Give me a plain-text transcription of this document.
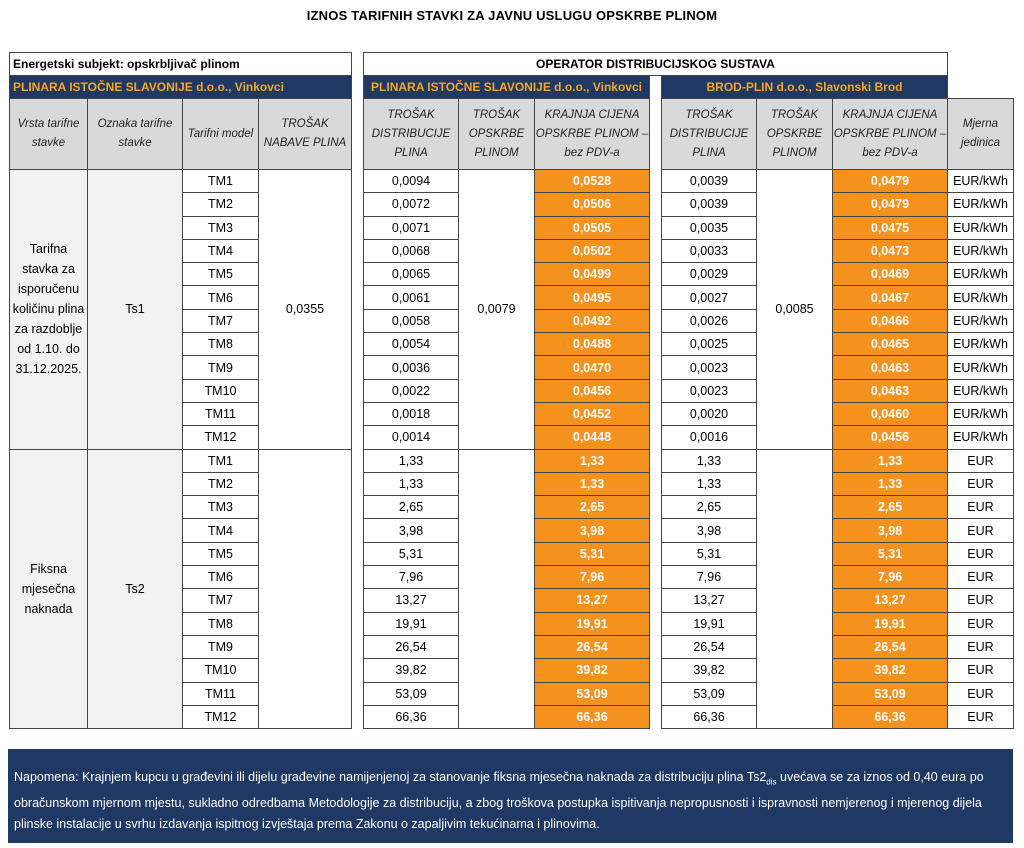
IZNOS TARIFNIH STAVKI ZA JAVNU USLUGU OPSKRBE PLINOM
Energetski subjekt: opskrbljivač plinom					OPERATOR DISTRIBUCIJSKOG SUSTAVA							
PLINARA ISTOČNE SLAVONIJE d.o.o., Vinkovci					PLINARA ISTOČNE SLAVONIJE d.o.o., Vinkovci				BROD-PLIN d.o.o., Slavonski Brod			
Vrsta tarifne stavke	Oznaka tarifne stavke	Tarifni model	TROŠAK NABAVE PLINA		TROŠAK DISTRIBUCIJE PLINA	TROŠAK OPSKRBE PLINOM	KRAJNJA CIJENA OPSKRBE PLINOM – bez PDV-a		TROŠAK DISTRIBUCIJE PLINA	TROŠAK OPSKRBE PLINOM	KRAJNJA CIJENA OPSKRBE PLINOM – bez PDV-a	Mjerna jedinica
Tarifna stavka za isporučenu količinu plina za razdoblje od 1.10. do 31.12.2025.	Ts1	TM1	0,0355		0,0094	0,0079	0,0528		0,0039	0,0085	0,0479	EUR/kWh
		TM2			0,0072		0,0506		0,0039		0,0479	EUR/kWh
		TM3			0,0071		0,0505		0,0035		0,0475	EUR/kWh
		TM4			0,0068		0,0502		0,0033		0,0473	EUR/kWh
		TM5			0,0065		0,0499		0,0029		0,0469	EUR/kWh
		TM6			0,0061		0,0495		0,0027		0,0467	EUR/kWh
		TM7			0,0058		0,0492		0,0026		0,0466	EUR/kWh
		TM8			0,0054		0,0488		0,0025		0,0465	EUR/kWh
		TM9			0,0036		0,0470		0,0023		0,0463	EUR/kWh
		TM10			0,0022		0,0456		0,0023		0,0463	EUR/kWh
		TM11			0,0018		0,0452		0,0020		0,0460	EUR/kWh
		TM12			0,0014		0,0448		0,0016		0,0456	EUR/kWh
Fiksna mjesečna naknada	Ts2	TM1			1,33		1,33		1,33		1,33	EUR
		TM2			1,33		1,33		1,33		1,33	EUR
		TM3			2,65		2,65		2,65		2,65	EUR
		TM4			3,98		3,98		3,98		3,98	EUR
		TM5			5,31		5,31		5,31		5,31	EUR
		TM6			7,96		7,96		7,96		7,96	EUR
		TM7			13,27		13,27		13,27		13,27	EUR
		TM8			19,91		19,91		19,91		19,91	EUR
		TM9			26,54		26,54		26,54		26,54	EUR
		TM10			39,82		39,82		39,82		39,82	EUR
		TM11			53,09		53,09		53,09		53,09	EUR
		TM12			66,36		66,36		66,36		66,36	EUR
Napomena: Krajnjem kupcu u građevini ili dijelu građevine namijenjenoj za stanovanje fiksna mjesečna naknada za distribuciju plina $Ts2_{dis}$ uvećava se za iznos od 0,40 eura po obračunskom mjernom mjestu, sukladno odredbama Metodologije za distribuciju, a zbog troškova postupka ispitivanja nepropusnosti i ispravnosti nemjerenog i mjerenog dijela plinske instalacije u svrhu izdavanja ispitnog izvještaja prema Zakonu o zapaljivim tekućinama i plinovima.
